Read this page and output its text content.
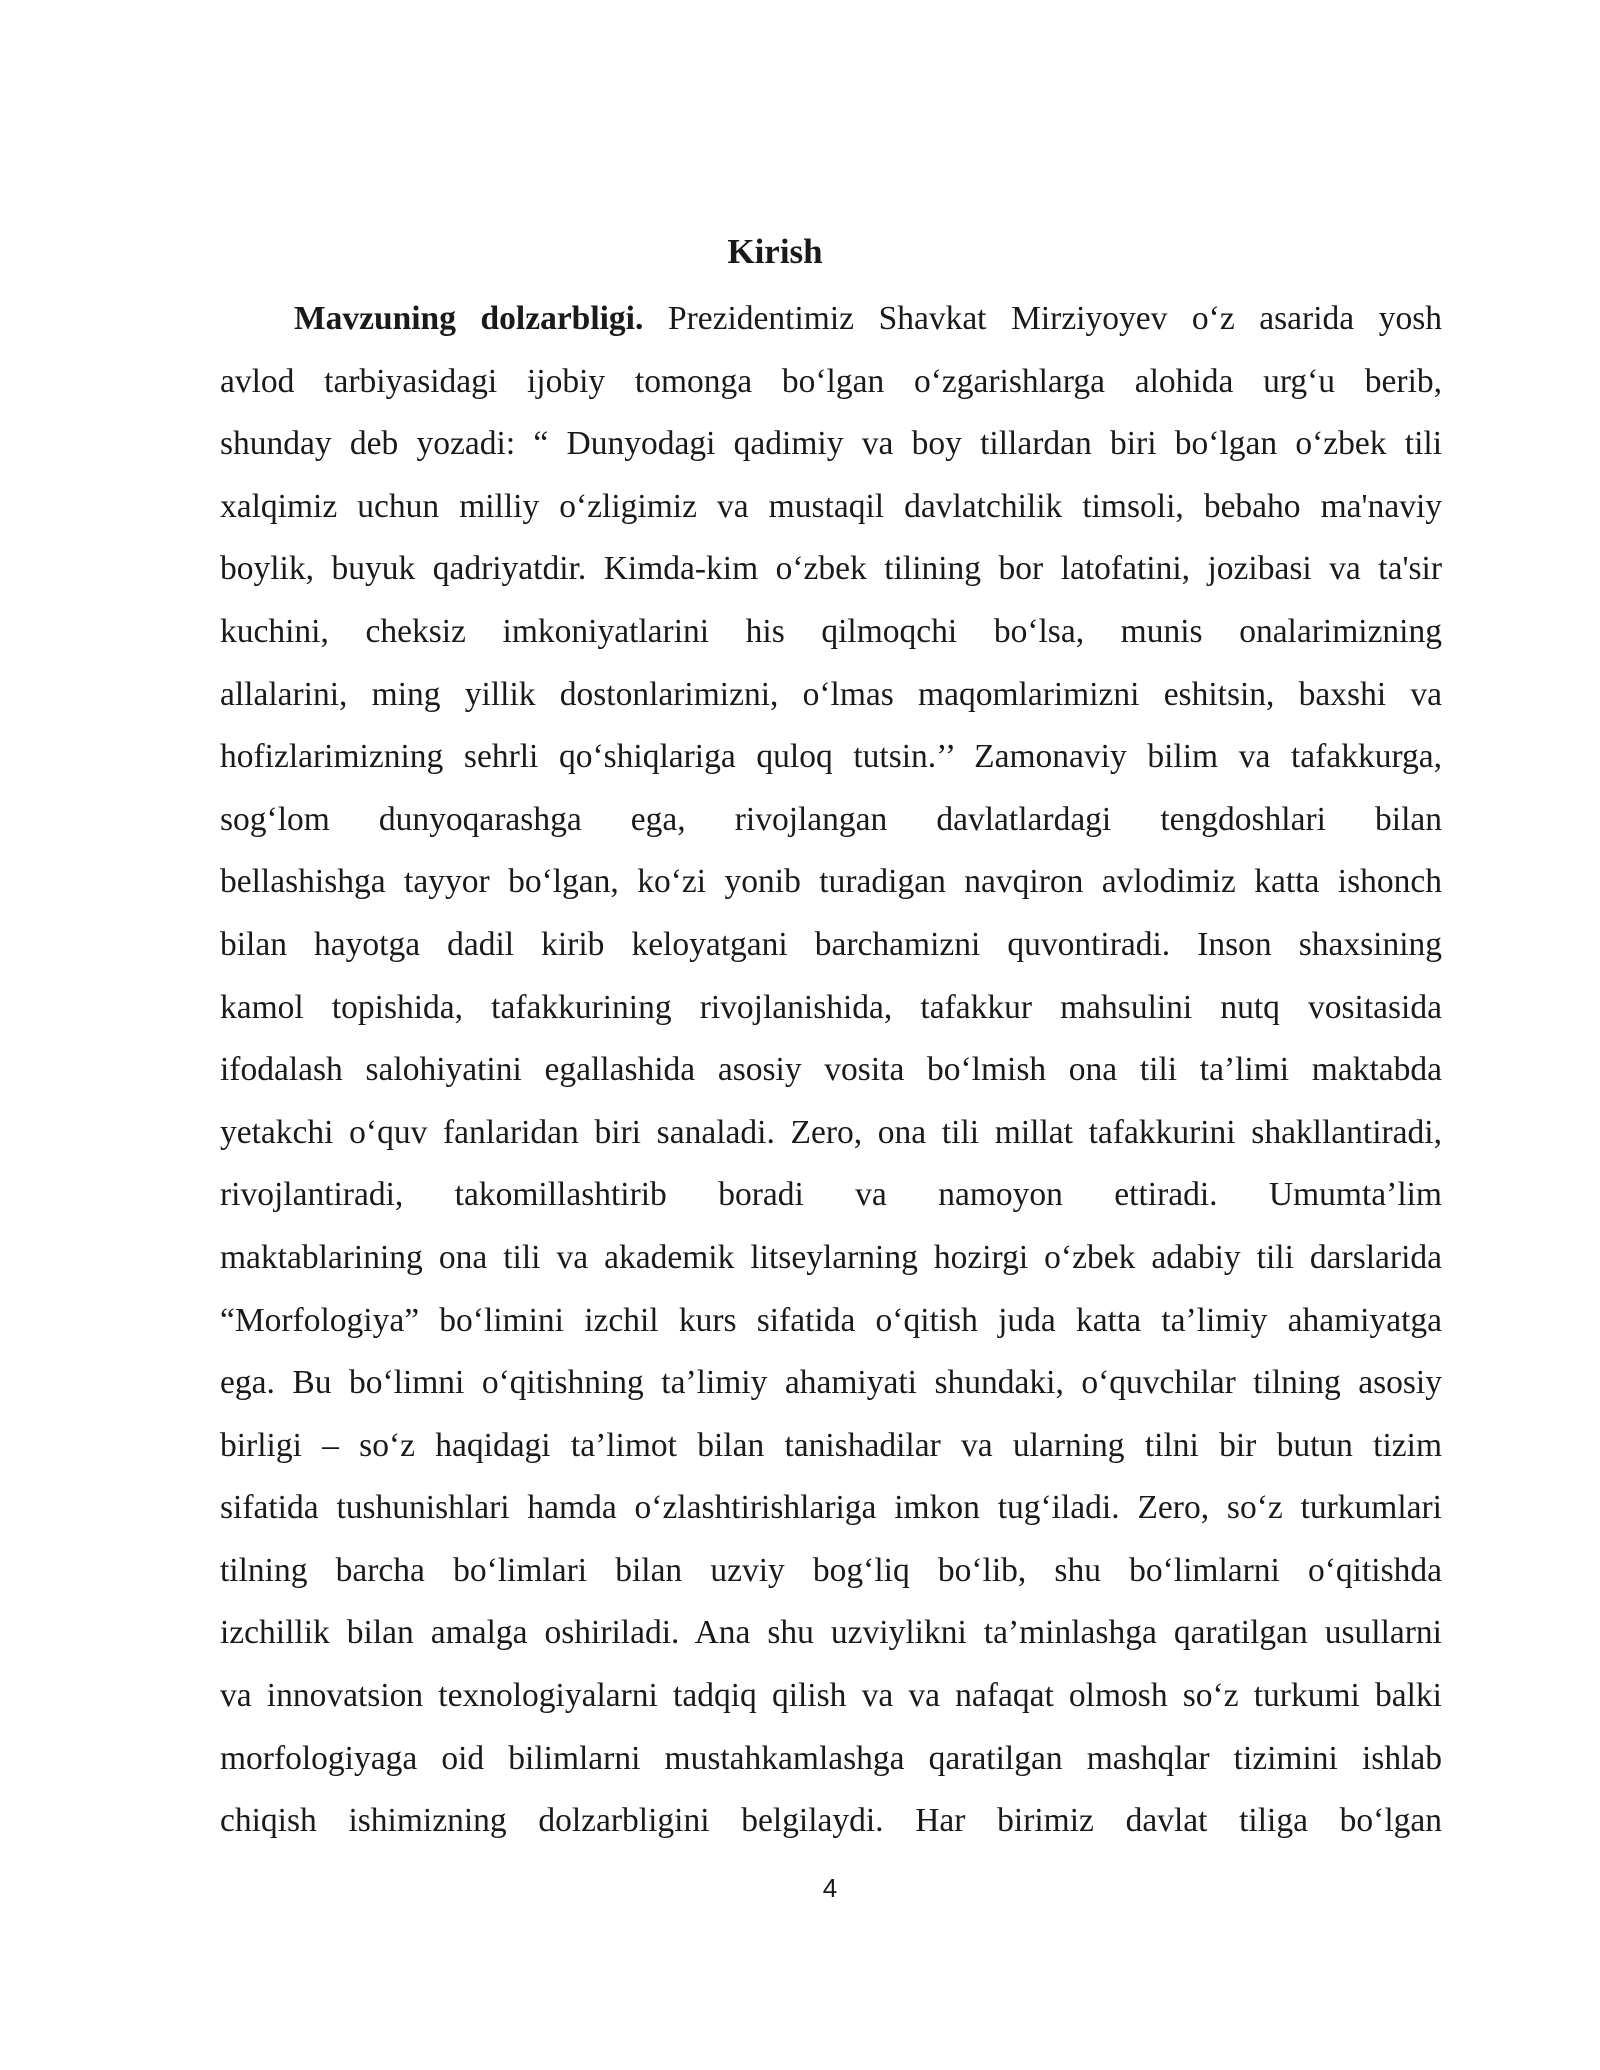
Kirish
Mavzuning dolzarbligi. Prezidentimiz Shavkat Mirziyoyev o‘z asarida yosh
avlod tarbiyasidagi ijobiy tomonga bo‘lgan o‘zgarishlarga alohida urg‘u berib,
shunday deb yozadi: “ Dunyodagi qadimiy va boy tillardan biri bo‘lgan o‘zbek tili
xalqimiz uchun milliy o‘zligimiz va mustaqil davlatchilik timsoli, bebaho ma'naviy
boylik, buyuk qadriyatdir. Kimda-kim o‘zbek tilining bor latofatini, jozibasi va ta'sir
kuchini, cheksiz imkoniyatlarini his qilmoqchi bo‘lsa, munis onalarimizning
allalarini, ming yillik dostonlarimizni, o‘lmas maqomlarimizni eshitsin, baxshi va
hofizlarimizning sehrli qo‘shiqlariga quloq tutsin.’’ Zamonaviy bilim va tafakkurga,
sog‘lom dunyoqarashga ega, rivojlangan davlatlardagi tengdoshlari bilan
bellashishga tayyor bo‘lgan, ko‘zi yonib turadigan navqiron avlodimiz katta ishonch
bilan hayotga dadil kirib keloyatgani barchamizni quvontiradi. Inson shaxsining
kamol topishida, tafakkurining rivojlanishida, tafakkur mahsulini nutq vositasida
ifodalash salohiyatini egallashida asosiy vosita bo‘lmish ona tili ta’limi maktabda
yetakchi o‘quv fanlaridan biri sanaladi. Zero, ona tili millat tafakkurini shakllantiradi,
rivojlantiradi, takomillashtirib boradi va namoyon ettiradi. Umumta’lim
maktablarining ona tili va akademik litseylarning hozirgi o‘zbek adabiy tili darslarida
“Morfologiya” bo‘limini izchil kurs sifatida o‘qitish juda katta ta’limiy ahamiyatga
ega. Bu bo‘limni o‘qitishning ta’limiy ahamiyati shundaki, o‘quvchilar tilning asosiy
birligi – so‘z haqidagi ta’limot bilan tanishadilar va ularning tilni bir butun tizim
sifatida tushunishlari hamda o‘zlashtirishlariga imkon tug‘iladi. Zero, so‘z turkumlari
tilning barcha bo‘limlari bilan uzviy bog‘liq bo‘lib, shu bo‘limlarni o‘qitishda
izchillik bilan amalga oshiriladi. Ana shu uzviylikni ta’minlashga qaratilgan usullarni
va innovatsion texnologiyalarni tadqiq qilish va va nafaqat olmosh so‘z turkumi balki
morfologiyaga oid bilimlarni mustahkamlashga qaratilgan mashqlar tizimini ishlab
chiqish ishimizning dolzarbligini belgilaydi. Har birimiz davlat tiliga bo‘lgan
4
